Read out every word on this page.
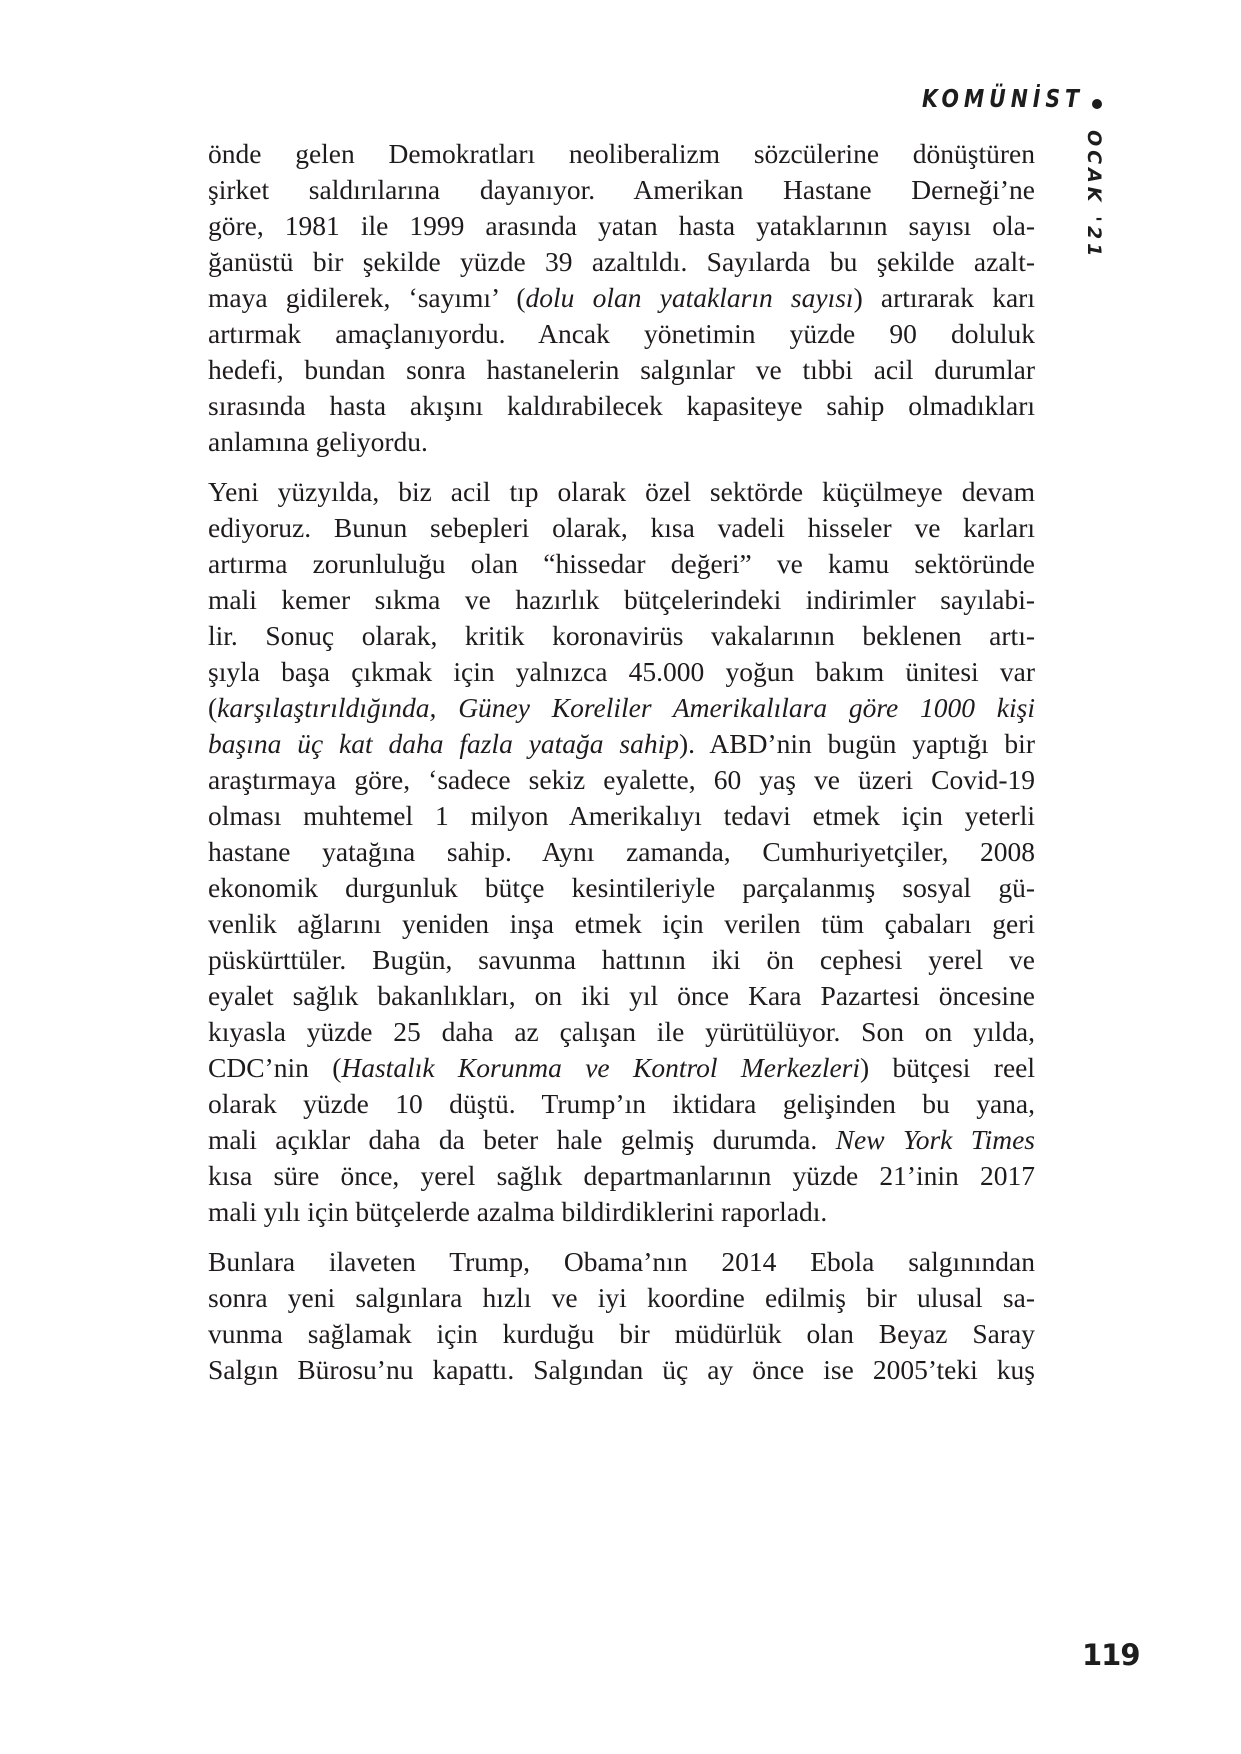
KOMÜNİST
OCAK '21

önde gelen Demokratları neoliberalizm sözcülerine dönüştüren
şirket saldırılarına dayanıyor. Amerikan Hastane Derneği’ne
göre, 1981 ile 1999 arasında yatan hasta yataklarının sayısı ola-
ğanüstü bir şekilde yüzde 39 azaltıldı. Sayılarda bu şekilde azalt-
maya gidilerek, ‘sayımı’ (dolu olan yatakların sayısı) artırarak karı
artırmak amaçlanıyordu. Ancak yönetimin yüzde 90 doluluk
hedefi, bundan sonra hastanelerin salgınlar ve tıbbi acil durumlar
sırasında hasta akışını kaldırabilecek kapasiteye sahip olmadıkları
anlamına geliyordu.

Yeni yüzyılda, biz acil tıp olarak özel sektörde küçülmeye devam
ediyoruz. Bunun sebepleri olarak, kısa vadeli hisseler ve karları
artırma zorunluluğu olan “hissedar değeri” ve kamu sektöründe
mali kemer sıkma ve hazırlık bütçelerindeki indirimler sayılabi-
lir. Sonuç olarak, kritik koronavirüs vakalarının beklenen artı-
şıyla başa çıkmak için yalnızca 45.000 yoğun bakım ünitesi var
(karşılaştırıldığında, Güney Koreliler Amerikalılara göre 1000 kişi
başına üç kat daha fazla yatağa sahip). ABD’nin bugün yaptığı bir
araştırmaya göre, ‘sadece sekiz eyalette, 60 yaş ve üzeri Covid-19
olması muhtemel 1 milyon Amerikalıyı tedavi etmek için yeterli
hastane yatağına sahip. Aynı zamanda, Cumhuriyetçiler, 2008
ekonomik durgunluk bütçe kesintileriyle parçalanmış sosyal gü-
venlik ağlarını yeniden inşa etmek için verilen tüm çabaları geri
püskürttüler. Bugün, savunma hattının iki ön cephesi yerel ve
eyalet sağlık bakanlıkları, on iki yıl önce Kara Pazartesi öncesine
kıyasla yüzde 25 daha az çalışan ile yürütülüyor. Son on yılda,
CDC’nin (Hastalık Korunma ve Kontrol Merkezleri) bütçesi reel
olarak yüzde 10 düştü. Trump’ın iktidara gelişinden bu yana,
mali açıklar daha da beter hale gelmiş durumda. New York Times
kısa süre önce, yerel sağlık departmanlarının yüzde 21’inin 2017
mali yılı için bütçelerde azalma bildirdiklerini raporladı.

Bunlara ilaveten Trump, Obama’nın 2014 Ebola salgınından
sonra yeni salgınlara hızlı ve iyi koordine edilmiş bir ulusal sa-
vunma sağlamak için kurduğu bir müdürlük olan Beyaz Saray
Salgın Bürosu’nu kapattı. Salgından üç ay önce ise 2005’teki kuş

119
